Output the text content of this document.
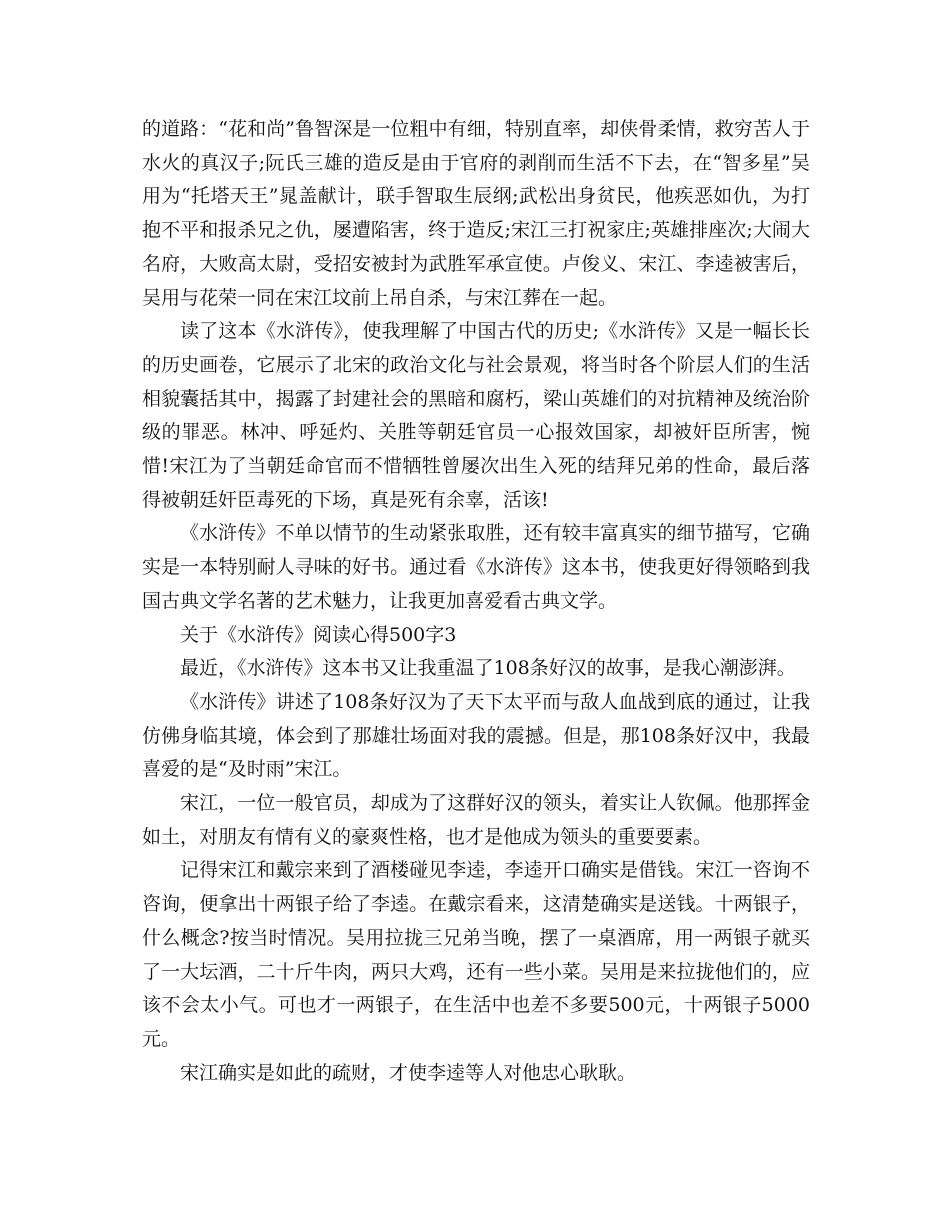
的道路：“花和尚”鲁智深是一位粗中有细，特别直率，却侠骨柔情，救穷苦人于水火的真汉子;阮氏三雄的造反是由于官府的剥削而生活不下去，在“智多星”吴用为“托塔天王”晁盖献计，联手智取生辰纲;武松出身贫民，他疾恶如仇，为打抱不平和报杀兄之仇，屡遭陷害，终于造反;宋江三打祝家庄;英雄排座次;大闹大名府，大败高太尉，受招安被封为武胜军承宣使。卢俊义、宋江、李逵被害后，吴用与花荣一同在宋江坟前上吊自杀，与宋江葬在一起。

读了这本《水浒传》，使我理解了中国古代的历史;《水浒传》又是一幅长长的历史画卷，它展示了北宋的政治文化与社会景观，将当时各个阶层人们的生活相貌囊括其中，揭露了封建社会的黑暗和腐朽，梁山英雄们的对抗精神及统治阶级的罪恶。林冲、呼延灼、关胜等朝廷官员一心报效国家，却被奸臣所害，惋惜!宋江为了当朝廷命官而不惜牺牲曾屡次出生入死的结拜兄弟的性命，最后落得被朝廷奸臣毒死的下场，真是死有余辜，活该!

《水浒传》不单以情节的生动紧张取胜，还有较丰富真实的细节描写，它确实是一本特别耐人寻味的好书。通过看《水浒传》这本书，使我更好得领略到我国古典文学名著的艺术魅力，让我更加喜爱看古典文学。

关于《水浒传》阅读心得500字3

最近，《水浒传》这本书又让我重温了108条好汉的故事，是我心潮澎湃。

《水浒传》讲述了108条好汉为了天下太平而与敌人血战到底的通过，让我仿佛身临其境，体会到了那雄壮场面对我的震撼。但是，那108条好汉中，我最喜爱的是“及时雨”宋江。

宋江，一位一般官员，却成为了这群好汉的领头，着实让人钦佩。他那挥金如土，对朋友有情有义的豪爽性格，也才是他成为领头的重要要素。

记得宋江和戴宗来到了酒楼碰见李逵，李逵开口确实是借钱。宋江一咨询不咨询，便拿出十两银子给了李逵。在戴宗看来，这清楚确实是送钱。十两银子，什么概念?按当时情况。吴用拉拢三兄弟当晚，摆了一桌酒席，用一两银子就买了一大坛酒，二十斤牛肉，两只大鸡，还有一些小菜。吴用是来拉拢他们的，应该不会太小气。可也才一两银子，在生活中也差不多要500元，十两银子5000元。

宋江确实是如此的疏财，才使李逵等人对他忠心耿耿。
